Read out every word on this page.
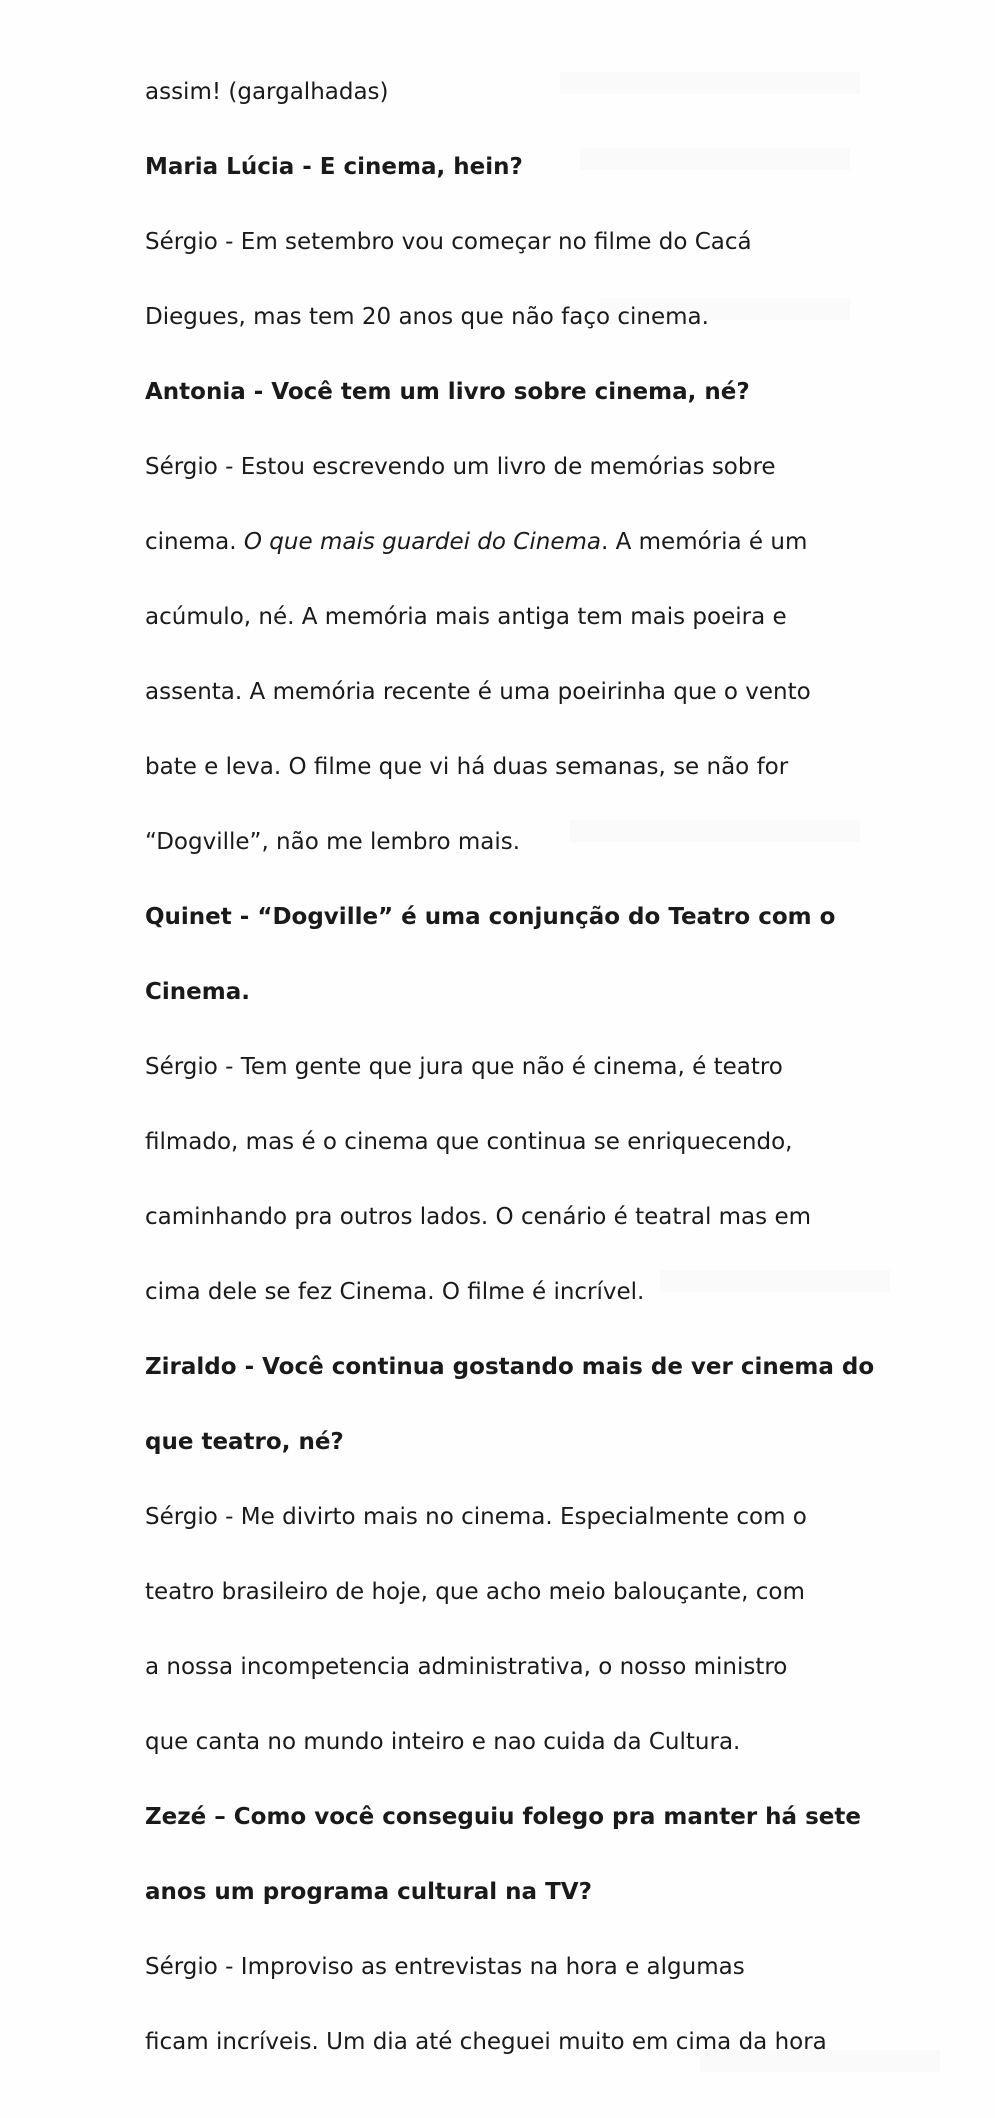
assim! (gargalhadas)
Maria Lúcia - E cinema, hein?
Sérgio - Em setembro vou começar no filme do Cacá
Diegues, mas tem 20 anos que não faço cinema.
Antonia - Você tem um livro sobre cinema, né?
Sérgio - Estou escrevendo um livro de memórias sobre
cinema. O que mais guardei do Cinema. A memória é um
acúmulo, né. A memória mais antiga tem mais poeira e
assenta. A memória recente é uma poeirinha que o vento
bate e leva. O filme que vi há duas semanas, se não for
“Dogville”, não me lembro mais.
Quinet - “Dogville” é uma conjunção do Teatro com o
Cinema.
Sérgio - Tem gente que jura que não é cinema, é teatro
filmado, mas é o cinema que continua se enriquecendo,
caminhando pra outros lados. O cenário é teatral mas em
cima dele se fez Cinema. O filme é incrível.
Ziraldo - Você continua gostando mais de ver cinema do
que teatro, né?
Sérgio - Me divirto mais no cinema. Especialmente com o
teatro brasileiro de hoje, que acho meio balouçante, com
a nossa incompetencia administrativa, o nosso ministro
que canta no mundo inteiro e nao cuida da Cultura.
Zezé – Como você conseguiu folego pra manter há sete
anos um programa cultural na TV?
Sérgio - Improviso as entrevistas na hora e algumas
ficam incríveis. Um dia até cheguei muito em cima da hora
